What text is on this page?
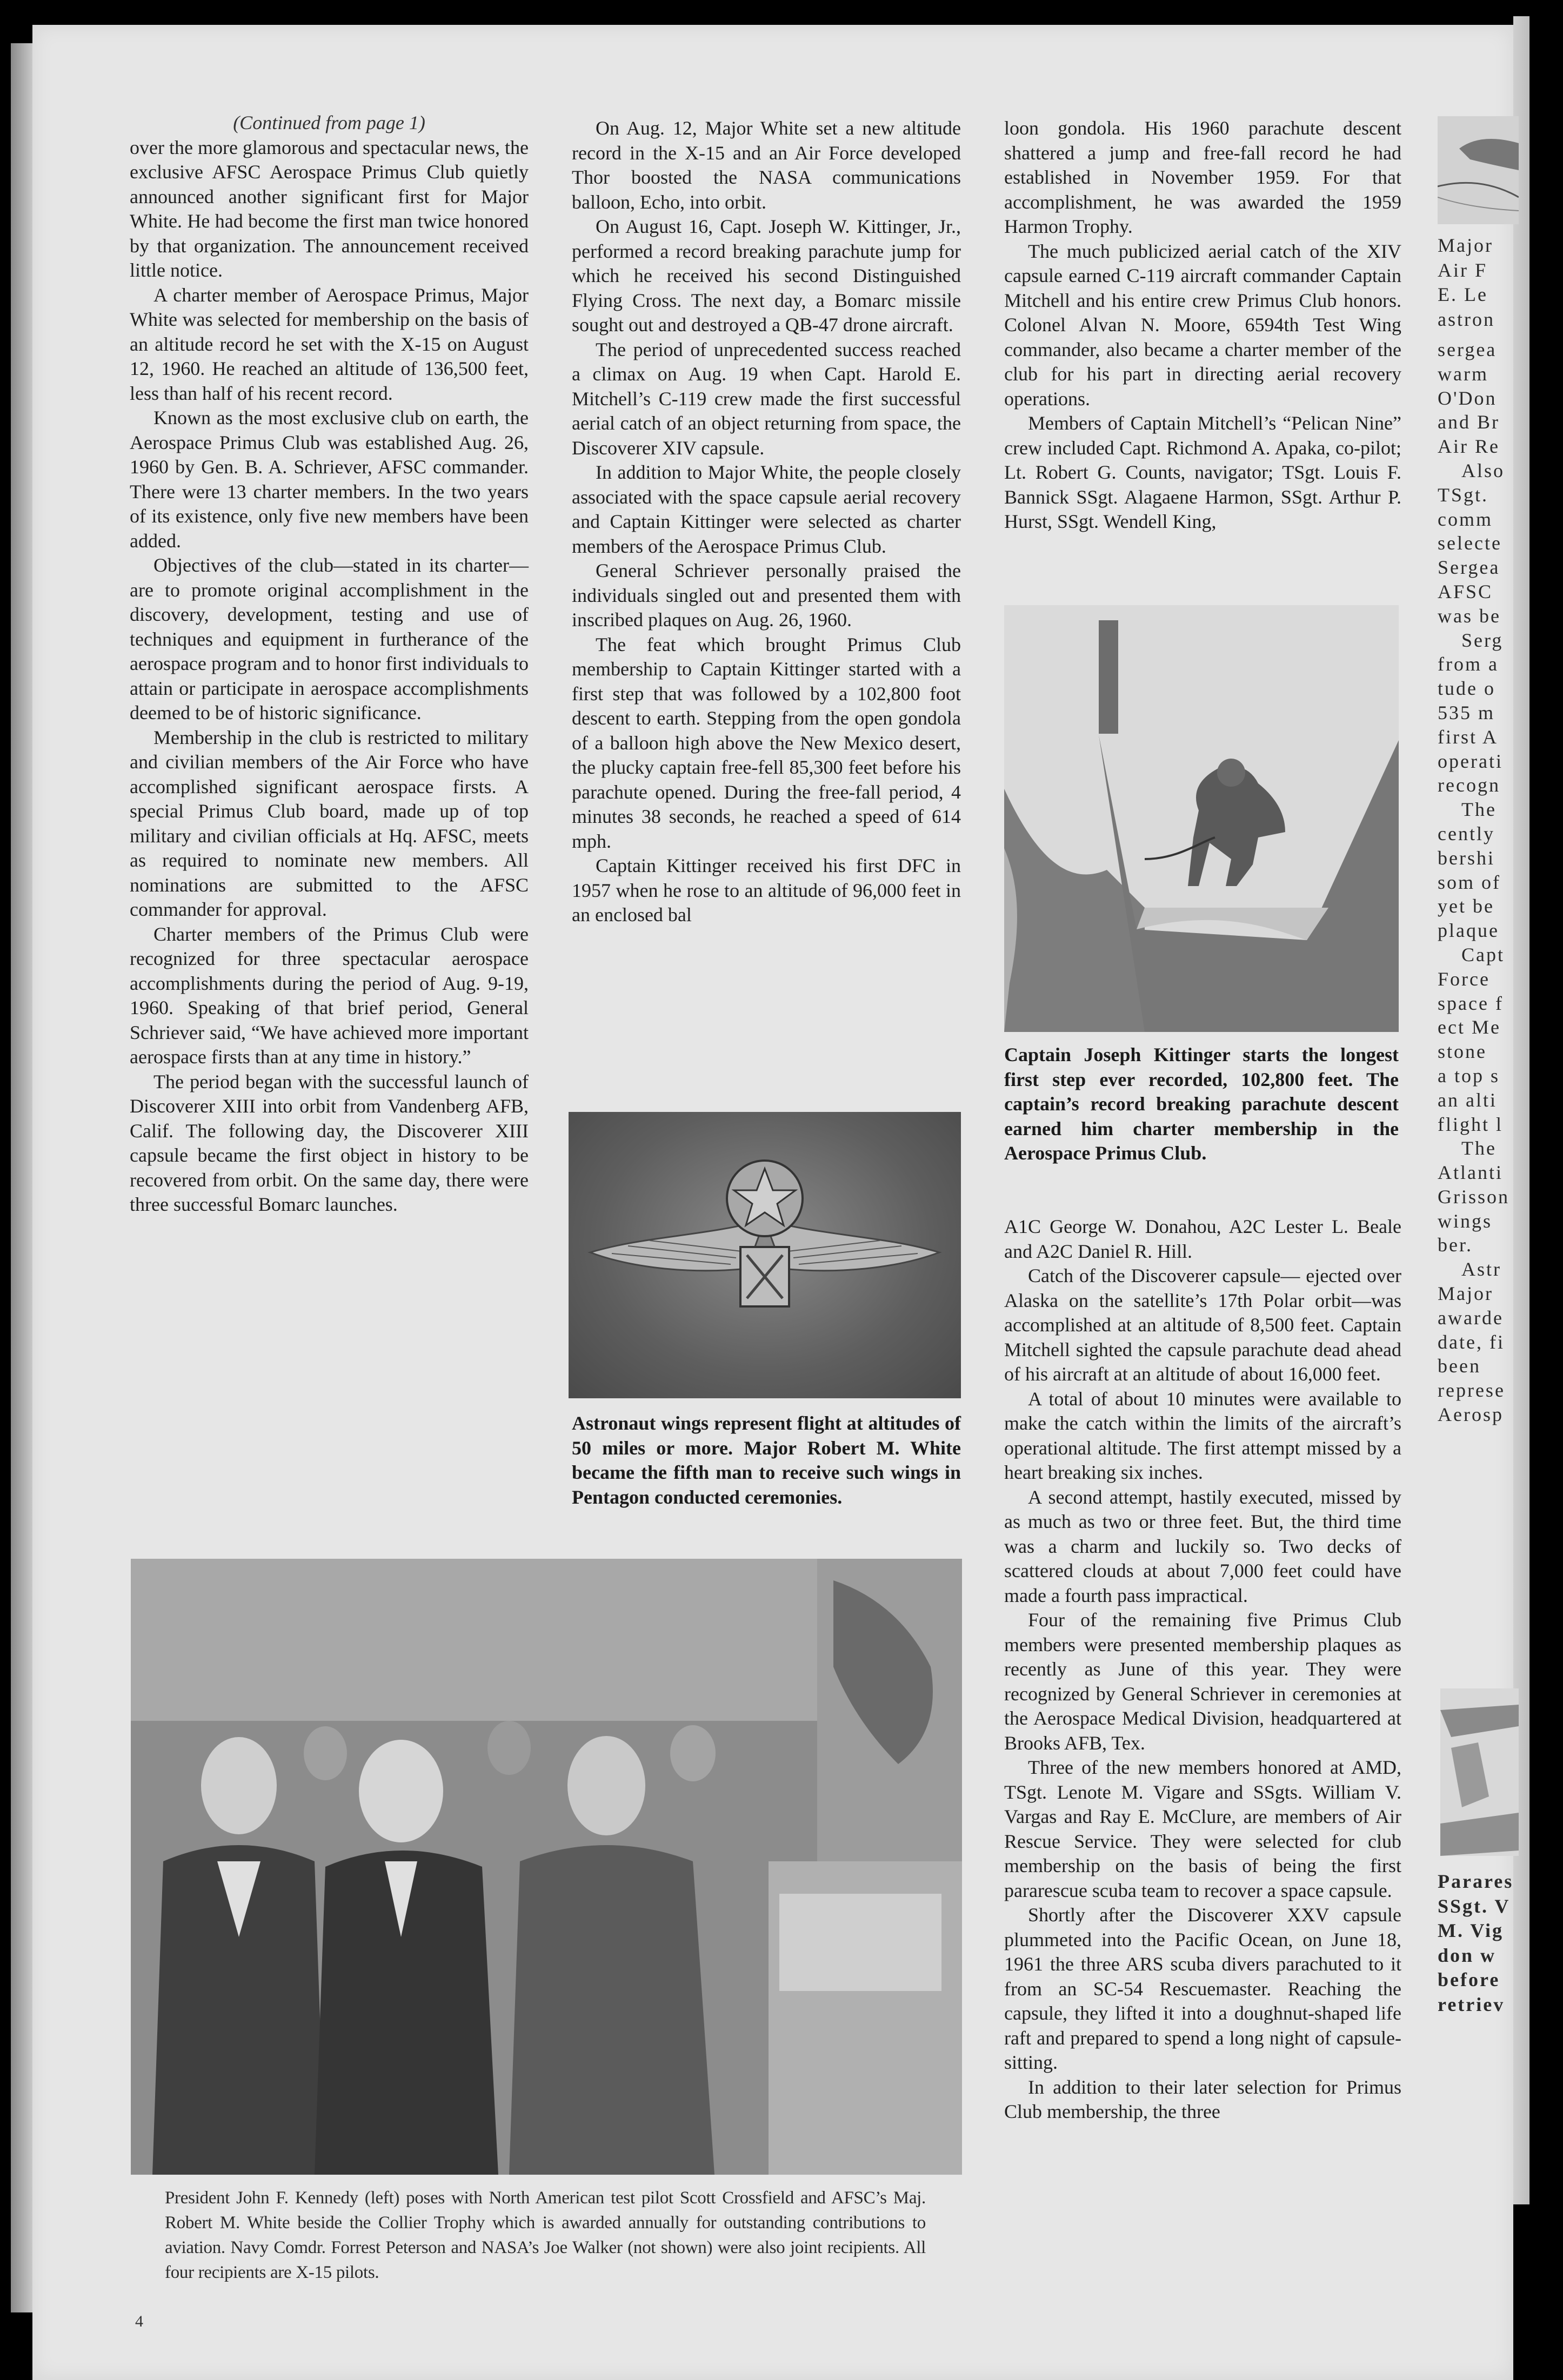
(Continued from page 1)

over the more glamorous and spectacular news, the exclusive AFSC Aerospace Primus Club quietly announced another significant first for Major White. He had become the first man twice honored by that organization. The announcement received little notice.

A charter member of Aerospace Primus, Major White was selected for membership on the basis of an altitude record he set with the X-15 on August 12, 1960. He reached an altitude of 136,500 feet, less than half of his recent record.

Known as the most exclusive club on earth, the Aerospace Primus Club was established Aug. 26, 1960 by Gen. B. A. Schriever, AFSC commander. There were 13 charter members. In the two years of its existence, only five new members have been added.

Objectives of the club—stated in its charter—are to promote original accomplishment in the discovery, development, testing and use of techniques and equipment in furtherance of the aerospace program and to honor first individuals to attain or participate in aerospace accomplishments deemed to be of historic significance.

Membership in the club is restricted to military and civilian members of the Air Force who have accomplished significant aerospace firsts. A special Primus Club board, made up of top military and civilian officials at Hq. AFSC, meets as required to nominate new members. All nominations are submitted to the AFSC commander for approval.

Charter members of the Primus Club were recognized for three spectacular aerospace accomplishments during the period of Aug. 9-19, 1960. Speaking of that brief period, General Schriever said, “We have achieved more important aerospace firsts than at any time in history.”

The period began with the successful launch of Discoverer XIII into orbit from Vandenberg AFB, Calif. The following day, the Discoverer XIII capsule became the first object in history to be recovered from orbit. On the same day, there were three successful Bomarc launches.

On Aug. 12, Major White set a new altitude record in the X-15 and an Air Force developed Thor boosted the NASA communications balloon, Echo, into orbit.

On August 16, Capt. Joseph W. Kittinger, Jr., performed a record breaking parachute jump for which he received his second Distinguished Flying Cross. The next day, a Bomarc missile sought out and destroyed a QB-47 drone aircraft.

The period of unprecedented success reached a climax on Aug. 19 when Capt. Harold E. Mitchell’s C-119 crew made the first successful aerial catch of an object returning from space, the Discoverer XIV capsule.

In addition to Major White, the people closely associated with the space capsule aerial recovery and Captain Kittinger were selected as charter members of the Aerospace Primus Club.

General Schriever personally praised the individuals singled out and presented them with inscribed plaques on Aug. 26, 1960.

The feat which brought Primus Club membership to Captain Kittinger started with a first step that was followed by a 102,800 foot descent to earth. Stepping from the open gondola of a balloon high above the New Mexico desert, the plucky captain free-fell 85,300 feet before his parachute opened. During the free-fall period, 4 minutes 38 seconds, he reached a speed of 614 mph.

Captain Kittinger received his first DFC in 1957 when he rose to an altitude of 96,000 feet in an enclosed bal

Astronaut wings represent flight at altitudes of 50 miles or more. Major Robert M. White became the fifth man to receive such wings in Pentagon conducted ceremonies.

loon gondola. His 1960 parachute descent shattered a jump and free-fall record he had established in November 1959. For that accomplishment, he was awarded the 1959 Harmon Trophy.

The much publicized aerial catch of the XIV capsule earned C-119 aircraft commander Captain Mitchell and his entire crew Primus Club honors. Colonel Alvan N. Moore, 6594th Test Wing commander, also became a charter member of the club for his part in directing aerial recovery operations.

Members of Captain Mitchell’s “Pelican Nine” crew included Capt. Richmond A. Apaka, co-pilot; Lt. Robert G. Counts, navigator; TSgt. Louis F. Bannick SSgt. Alagaene Harmon, SSgt. Arthur P. Hurst, SSgt. Wendell King,

Captain Joseph Kittinger starts the longest first step ever recorded, 102,800 feet. The captain’s record breaking parachute descent earned him charter membership in the Aerospace Primus Club.

A1C George W. Donahou, A2C Lester L. Beale and A2C Daniel R. Hill.

Catch of the Discoverer capsule— ejected over Alaska on the satellite’s 17th Polar orbit—was accomplished at an altitude of 8,500 feet. Captain Mitchell sighted the capsule parachute dead ahead of his aircraft at an altitude of about 16,000 feet.

A total of about 10 minutes were available to make the catch within the limits of the aircraft’s operational altitude. The first attempt missed by a heart breaking six inches.

A second attempt, hastily executed, missed by as much as two or three feet. But, the third time was a charm and luckily so. Two decks of scattered clouds at about 7,000 feet could have made a fourth pass impractical.

Four of the remaining five Primus Club members were presented membership plaques as recently as June of this year. They were recognized by General Schriever in ceremonies at the Aerospace Medical Division, headquartered at Brooks AFB, Tex.

Three of the new members honored at AMD, TSgt. Lenote M. Vigare and SSgts. William V. Vargas and Ray E. McClure, are members of Air Rescue Service. They were selected for club membership on the basis of being the first pararescue scuba team to recover a space capsule.

Shortly after the Discoverer XXV capsule plummeted into the Pacific Ocean, on June 18, 1961 the three ARS scuba divers parachuted to it from an SC-54 Rescuemaster. Reaching the capsule, they lifted it into a doughnut-shaped life raft and prepared to spend a long night of capsule-sitting.

In addition to their later selection for Primus Club membership, the three

President John F. Kennedy (left) poses with North American test pilot Scott Crossfield and AFSC’s Maj. Robert M. White beside the Collier Trophy which is awarded annually for outstanding contributions to aviation. Navy Comdr. Forrest Peterson and NASA’s Joe Walker (not shown) were also joint recipients. All four recipients are X-15 pilots.
Major
Air F
E. Le
astron
sergea
warm
O'Don
and Br
Air Re
Also
TSgt.
comm
selecte
Sergea
AFSC
was be
Serg
from a
tude o
535 m
first A
operati
recogn
The
cently
bershi
som of
yet be
plaque
Capt
Force
space f
ect Me
stone
a top s
an alti
flight l
The
Atlanti
Grisson
wings
ber.
Astr
Major
awarde
date, fi
been
represe
Aerosp
Parares
SSgt. V
M. Vig
don w
before
retriev
4
